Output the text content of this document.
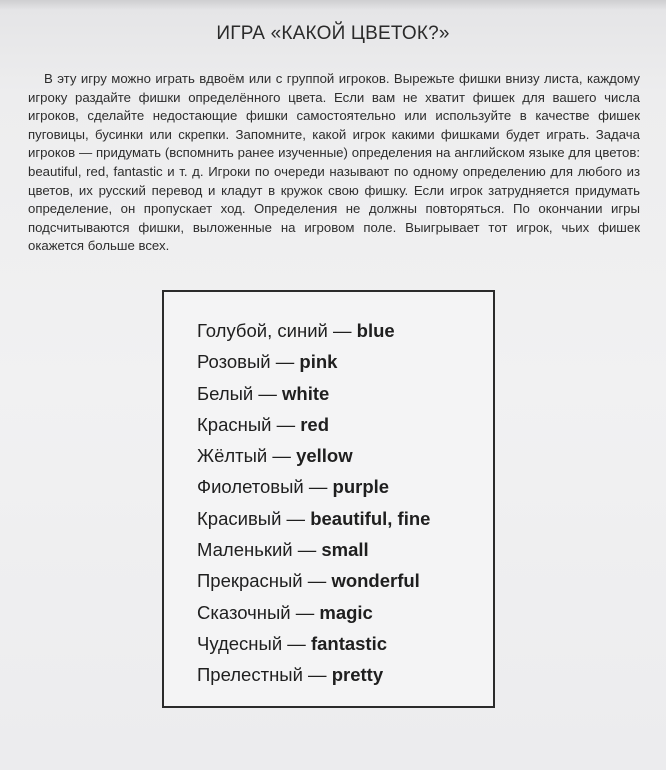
ИГРА «КАКОЙ ЦВЕТОК?»

В эту игру можно играть вдвоём или с группой игроков. Вырежьте фишки внизу листа, каждому игроку раздайте фишки определённого цвета. Если вам не хватит фишек для вашего числа игроков, сделайте недостающие фишки самостоятельно или используйте в качестве фишек пуговицы, бусинки или скрепки. Запомните, какой игрок какими фишками будет играть. Задача игроков — придумать (вспомнить ранее изученные) определения на английском языке для цветов: beautiful, red, fantastic и т. д. Игроки по очереди называют по одному определению для любого из цветов, их русский перевод и кладут в кружок свою фишку. Если игрок затрудняется придумать определение, он пропускает ход. Определения не должны повторяться. По окончании игры подсчитываются фишки, выложенные на игровом поле. Выигрывает тот игрок, чьих фишек окажется больше всех.

Голубой, синий — blue
Розовый — pink
Белый — white
Красный — red
Жёлтый — yellow
Фиолетовый — purple
Красивый — beautiful, fine
Маленький — small
Прекрасный — wonderful
Сказочный — magic
Чудесный — fantastic
Прелестный — pretty
